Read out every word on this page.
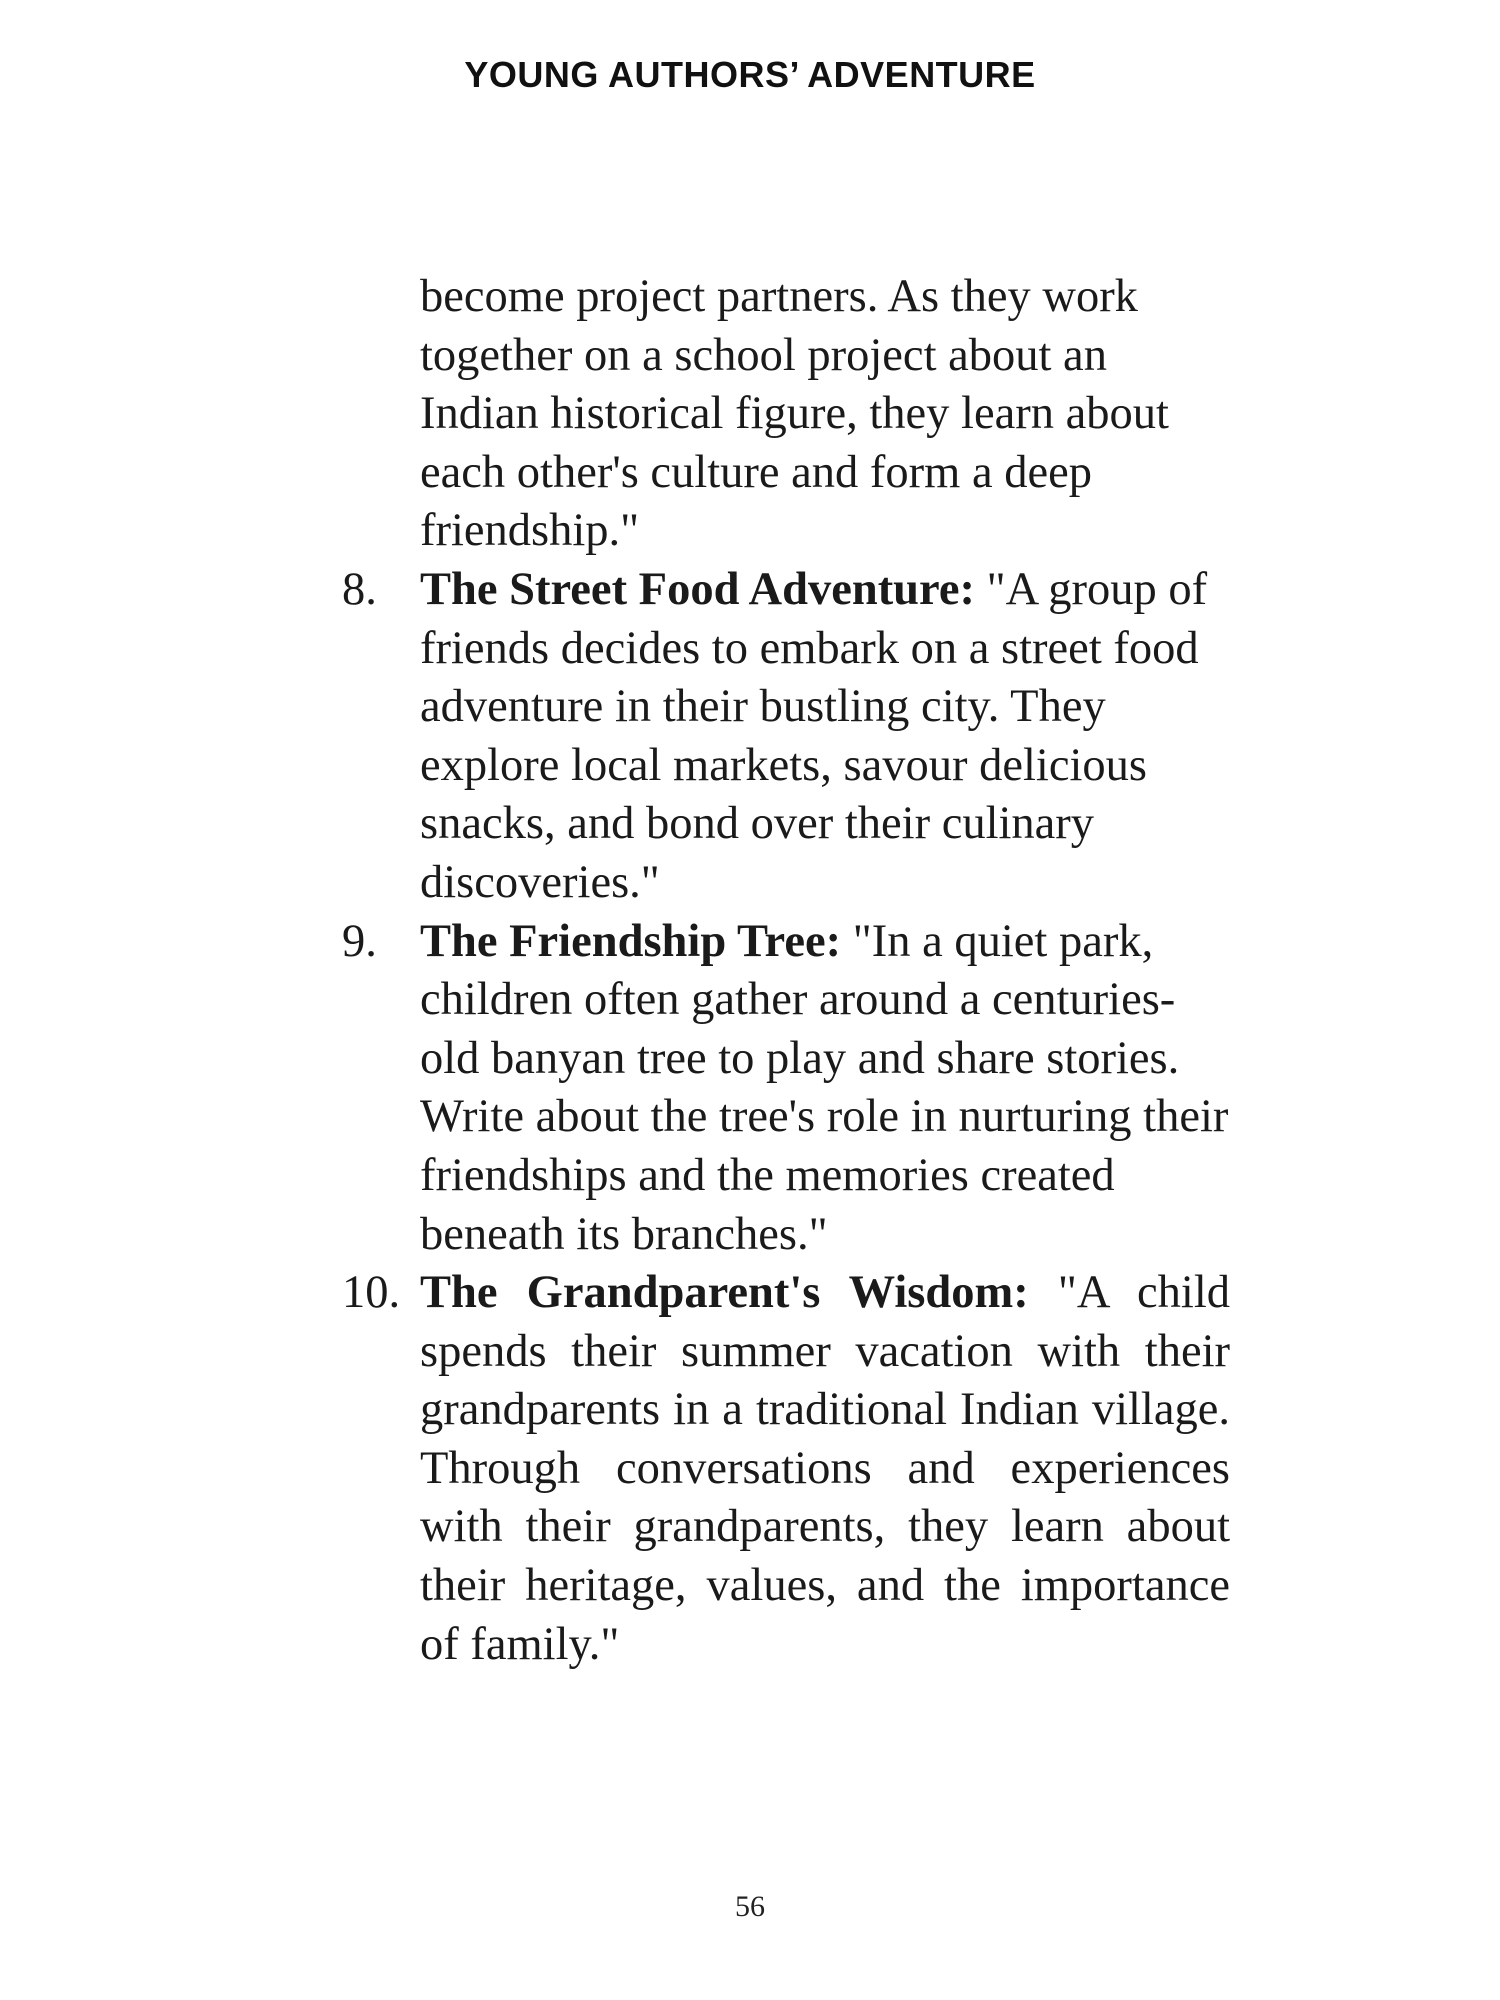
YOUNG AUTHORS’ ADVENTURE

become project partners. As they work together on a school project about an Indian historical figure, they learn about each other's culture and form a deep friendship."

8. The Street Food Adventure: "A group of friends decides to embark on a street food adventure in their bustling city. They explore local markets, savour delicious snacks, and bond over their culinary discoveries."

9. The Friendship Tree: "In a quiet park, children often gather around a centuries-old banyan tree to play and share stories. Write about the tree's role in nurturing their friendships and the memories created beneath its branches."

10. The Grandparent's Wisdom: "A child spends their summer vacation with their grandparents in a traditional Indian village. Through conversations and experiences with their grandparents, they learn about their heritage, values, and the importance of family."

56
